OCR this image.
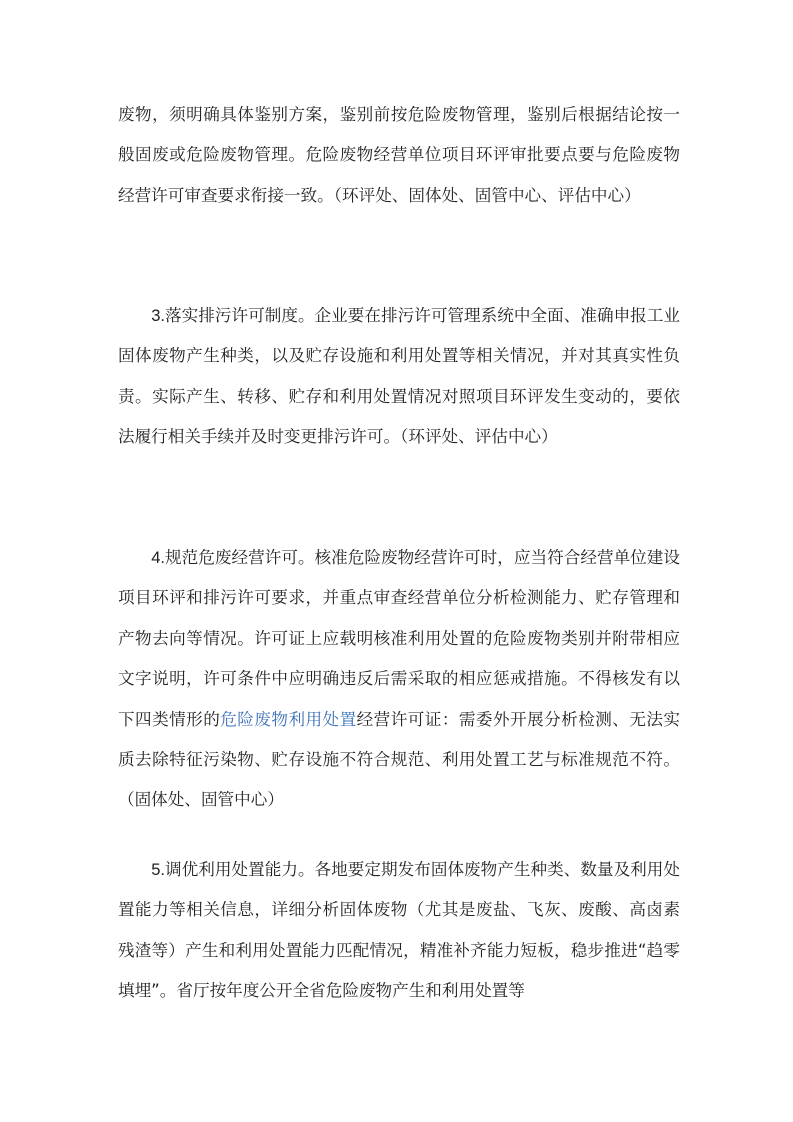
废物，须明确具体鉴别方案，鉴别前按危险废物管理，鉴别后根据结论按一般固废或危险废物管理。危险废物经营单位项目环评审批要点要与危险废物经营许可审查要求衔接一致。（环评处、固体处、固管中心、评估中心）

3.落实排污许可制度。企业要在排污许可管理系统中全面、准确申报工业固体废物产生种类，以及贮存设施和利用处置等相关情况，并对其真实性负责。实际产生、转移、贮存和利用处置情况对照项目环评发生变动的，要依法履行相关手续并及时变更排污许可。（环评处、评估中心）

4.规范危废经营许可。核准危险废物经营许可时，应当符合经营单位建设项目环评和排污许可要求，并重点审查经营单位分析检测能力、贮存管理和产物去向等情况。许可证上应载明核准利用处置的危险废物类别并附带相应文字说明，许可条件中应明确违反后需采取的相应惩戒措施。不得核发有以下四类情形的危险废物利用处置经营许可证：需委外开展分析检测、无法实质去除特征污染物、贮存设施不符合规范、利用处置工艺与标准规范不符。（固体处、固管中心）

5.调优利用处置能力。各地要定期发布固体废物产生种类、数量及利用处置能力等相关信息，详细分析固体废物（尤其是废盐、飞灰、废酸、高卤素残渣等）产生和利用处置能力匹配情况，精准补齐能力短板，稳步推进“趋零填埋”。省厅按年度公开全省危险废物产生和利用处置等
